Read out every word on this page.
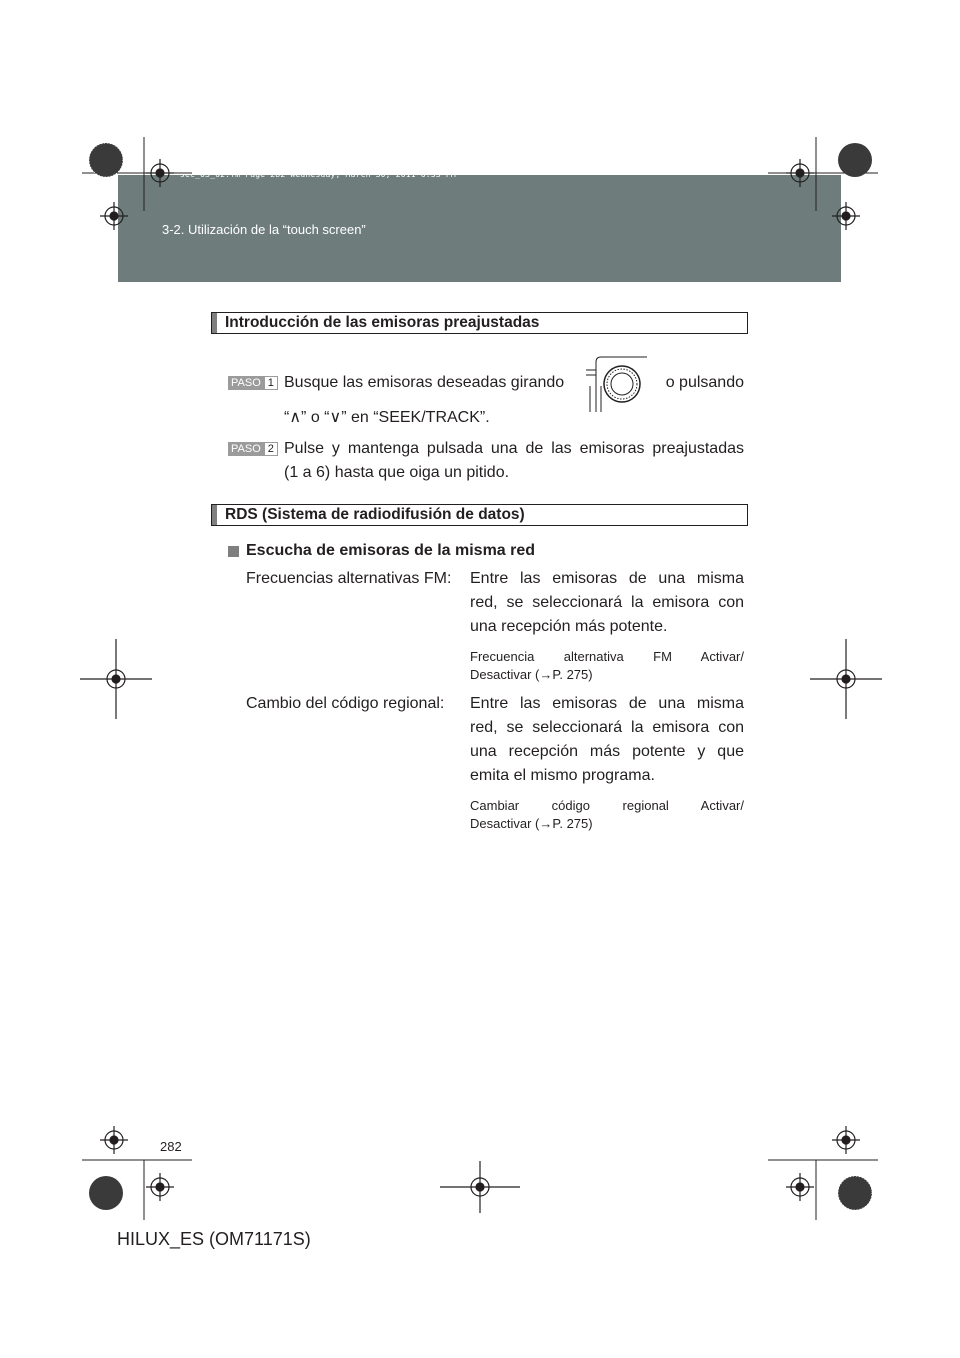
3-2. Utilización de la “touch screen”
sec_03_02.fm Page 282 Wednesday, March 30, 2011 6:53 PM
Introducción de las emisoras preajustadas
PASO 1 Busque las emisoras deseadas girando	o pulsando
“∧” o “∨” en “SEEK/TRACK”.
PASO 2 Pulse y mantenga pulsada una de las emisoras preajustadas
(1 a 6) hasta que oiga un pitido.
RDS (Sistema de radiodifusión de datos)
Escucha de emisoras de la misma red
Frecuencias alternativas FM: Entre las emisoras de una misma
red, se seleccionará la emisora con
una recepción más potente.
Frecuencia alternativa FM Activar/
Desactivar (→P. 275)
Cambio del código regional: Entre las emisoras de una misma
red, se seleccionará la emisora con
una recepción más potente y que
emita el mismo programa.
Cambiar código regional Activar/
Desactivar (→P. 275)
282
HILUX_ES (OM71171S)
